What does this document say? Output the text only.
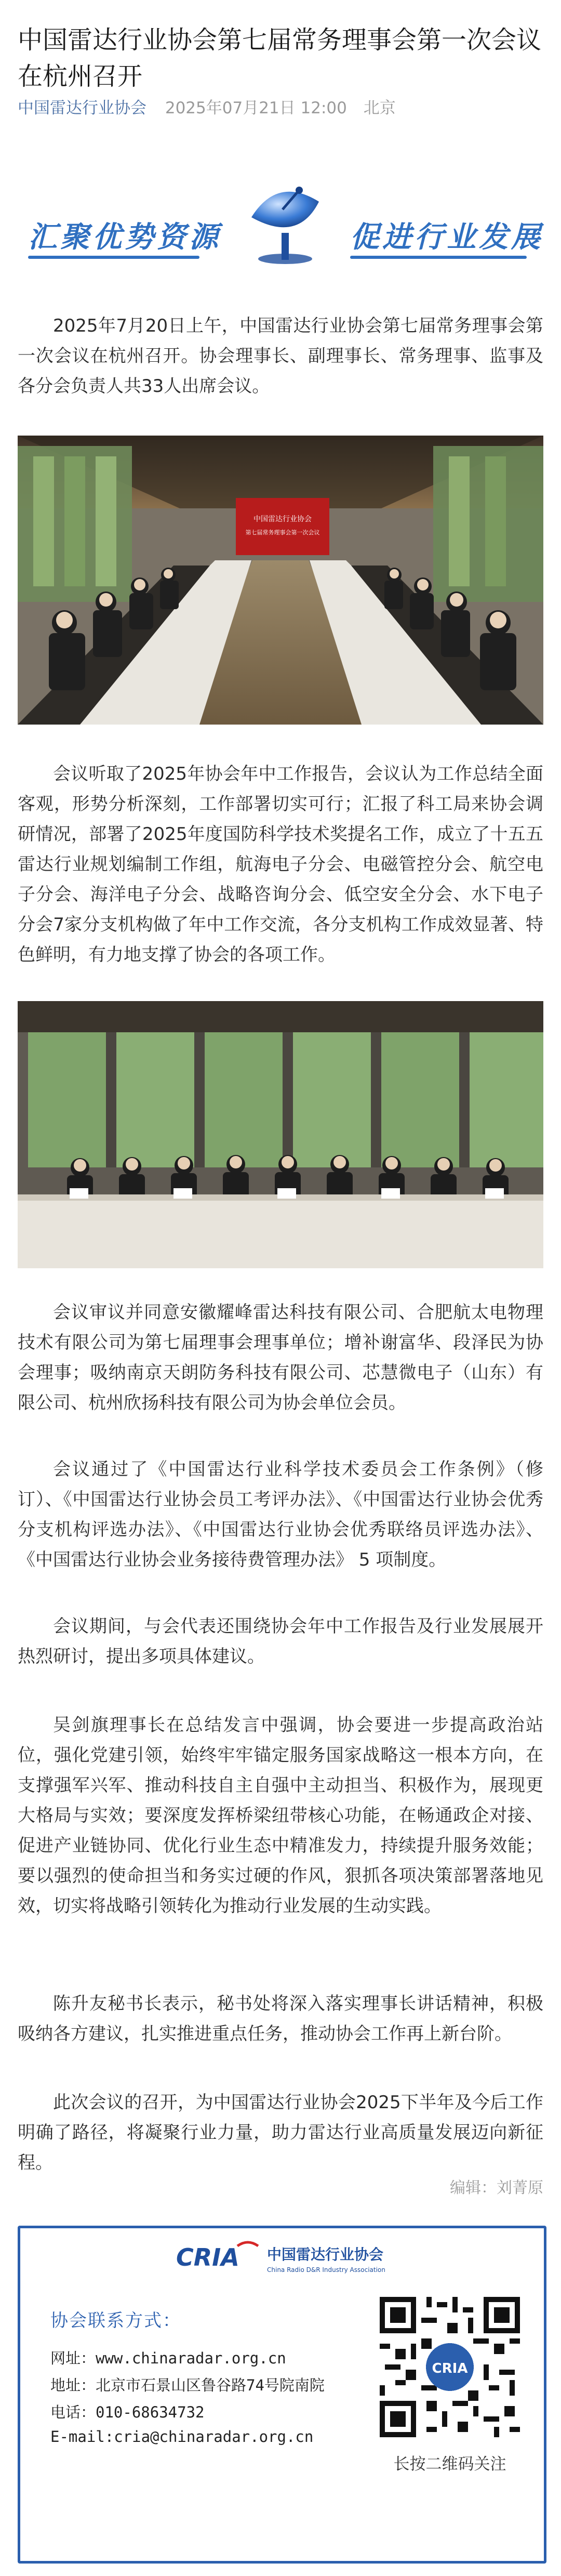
中国雷达行业协会第七届常务理事会第一次会议在杭州召开
中国雷达行业协会 2025年07月21日 12:00 北京
汇聚优势资源	促进行业发展

2025年7月20日上午，中国雷达行业协会第七届常务理事会第一次会议在杭州召开。协会理事长、副理事长、常务理事、监事及各分会负责人共33人出席会议。

中国雷达行业协会
第七届常务理事会第一次会议

会议听取了2025年协会年中工作报告，会议认为工作总结全面客观，形势分析深刻，工作部署切实可行；汇报了科工局来协会调研情况，部署了2025年度国防科学技术奖提名工作，成立了十五五雷达行业规划编制工作组，航海电子分会、电磁管控分会、航空电子分会、海洋电子分会、战略咨询分会、低空安全分会、水下电子分会7家分支机构做了年中工作交流，各分支机构工作成效显著、特色鲜明，有力地支撑了协会的各项工作。

会议审议并同意安徽耀峰雷达科技有限公司、合肥航太电物理技术有限公司为第七届理事会理事单位；增补谢富华、段泽民为协会理事；吸纳南京天朗防务科技有限公司、芯慧微电子（山东）有限公司、杭州欣扬科技有限公司为协会单位会员。

会议通过了《中国雷达行业科学技术委员会工作条例》（修订）、《中国雷达行业协会员工考评办法》、《中国雷达行业协会优秀分支机构评选办法》、《中国雷达行业协会优秀联络员评选办法》、《中国雷达行业协会业务接待费管理办法》 5 项制度。

会议期间，与会代表还围绕协会年中工作报告及行业发展展开热烈研讨，提出多项具体建议。

吴剑旗理事长在总结发言中强调，协会要进一步提高政治站位，强化党建引领，始终牢牢锚定服务国家战略这一根本方向，在支撑强军兴军、推动科技自主自强中主动担当、积极作为，展现更大格局与实效；要深度发挥桥梁纽带核心功能，在畅通政企对接、促进产业链协同、优化行业生态中精准发力，持续提升服务效能；要以强烈的使命担当和务实过硬的作风，狠抓各项决策部署落地见效，切实将战略引领转化为推动行业发展的生动实践。

陈升友秘书长表示，秘书处将深入落实理事长讲话精神，积极吸纳各方建议，扎实推进重点任务，推动协会工作再上新台阶。

此次会议的召开，为中国雷达行业协会2025下半年及今后工作明确了路径，将凝聚行业力量，助力雷达行业高质量发展迈向新征程。

编辑：刘菁原
CRIA 中国雷达行业协会
China Radio D&R Industry Association
协会联系方式：
网址：www.chinaradar.org.cn
地址：北京市石景山区鲁谷路74号院南院
电话：010-68634732
E-mail:cria@chinaradar.org.cn
CRIA
长按二维码关注
